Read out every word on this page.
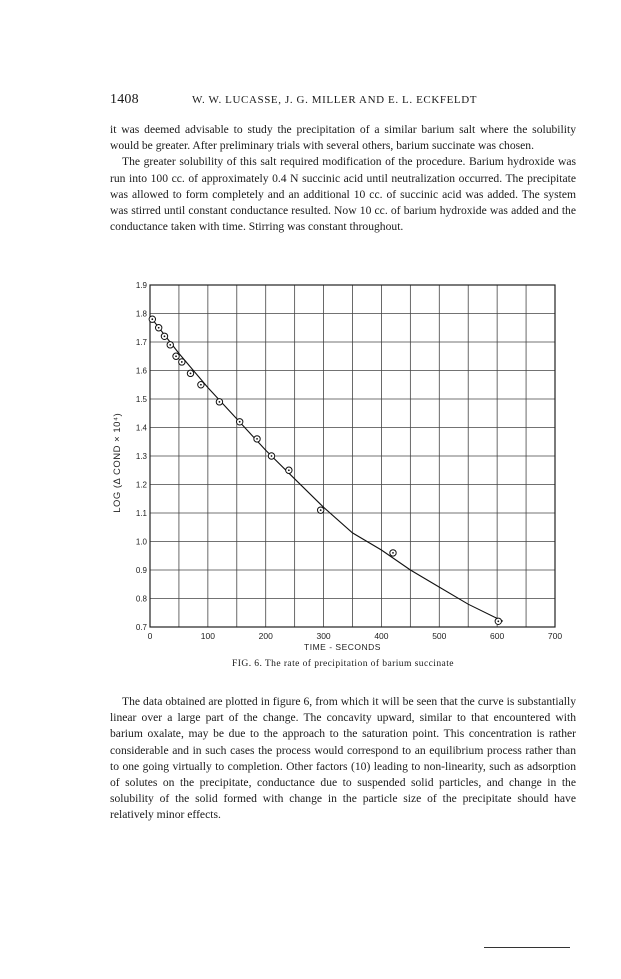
1408	W. W. LUCASSE, J. G. MILLER AND E. L. ECKFELDT

it was deemed advisable to study the precipitation of a similar barium salt where the solubility would be greater. After preliminary trials with several others, barium succinate was chosen.

The greater solubility of this salt required modification of the procedure. Barium hydroxide was run into 100 cc. of approximately 0.4 N succinic acid until neutralization occurred. The precipitate was allowed to form completely and an additional 10 cc. of succinic acid was added. The system was stirred until constant conductance resulted. Now 10 cc. of barium hydroxide was added and the conductance taken with time. Stirring was constant throughout.

0	100	200	300	400	500	600	700
0.7
0.8
0.9
1.0
1.1
1.2
1.3
1.4
1.5
1.6
1.7
1.8
1.9
TIME - SECONDS
LOG (Δ COND × 10⁴)
FIG. 6. The rate of precipitation of barium succinate

The data obtained are plotted in figure 6, from which it will be seen that the curve is substantially linear over a large part of the change. The concavity upward, similar to that encountered with barium oxalate, may be due to the approach to the saturation point. This concentration is rather considerable and in such cases the process would correspond to an equilibrium process rather than to one going virtually to completion. Other factors (10) leading to non-linearity, such as adsorption of solutes on the precipitate, conductance due to suspended solid particles, and change in the solubility of the solid formed with change in the particle size of the precipitate should have relatively minor effects.
